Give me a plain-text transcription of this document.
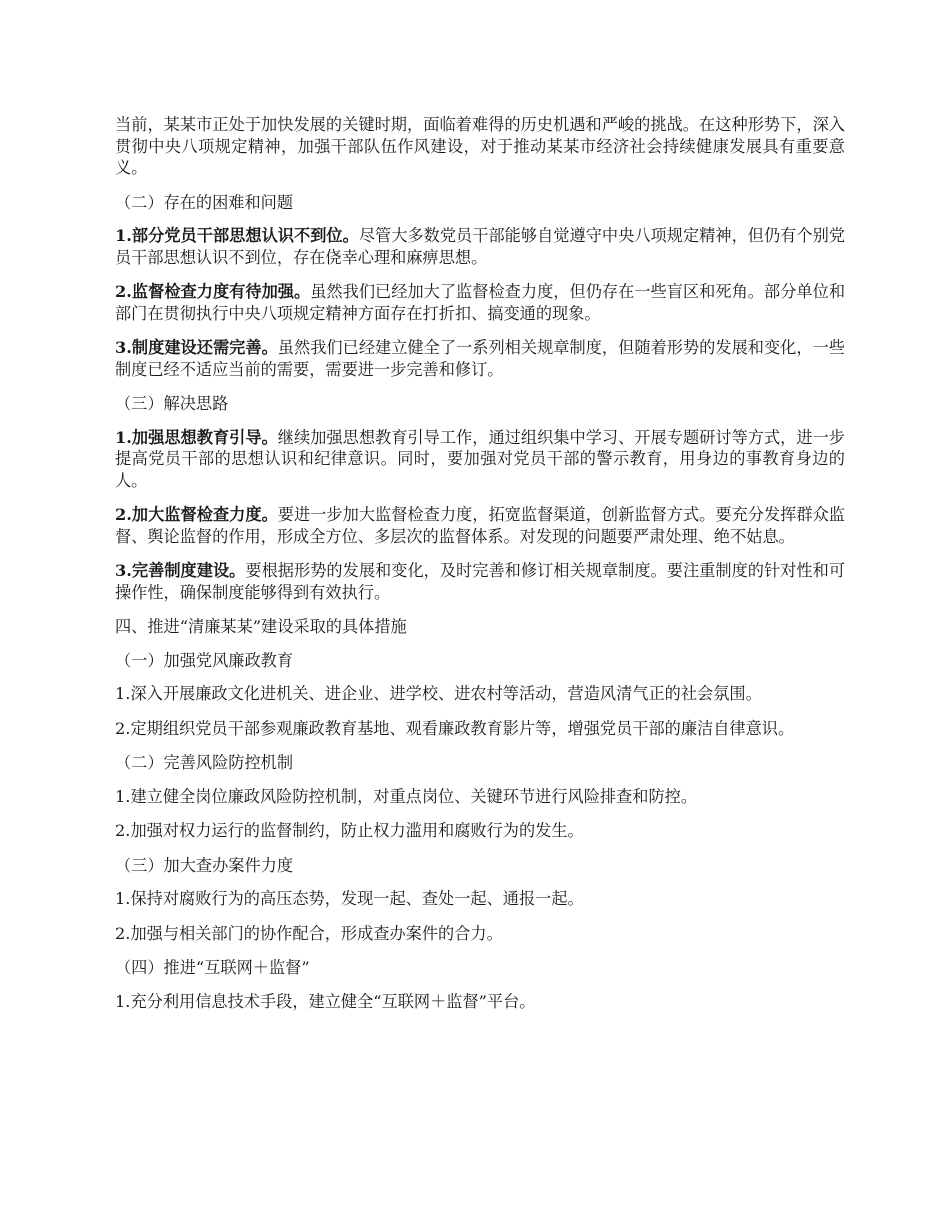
当前，某某市正处于加快发展的关键时期，面临着难得的历史机遇和严峻的挑战。在这种形势下，深入贯彻中央八项规定精神，加强干部队伍作风建设，对于推动某某市经济社会持续健康发展具有重要意义。

（二）存在的困难和问题

1.部分党员干部思想认识不到位。尽管大多数党员干部能够自觉遵守中央八项规定精神，但仍有个别党员干部思想认识不到位，存在侥幸心理和麻痹思想。

2.监督检查力度有待加强。虽然我们已经加大了监督检查力度，但仍存在一些盲区和死角。部分单位和部门在贯彻执行中央八项规定精神方面存在打折扣、搞变通的现象。

3.制度建设还需完善。虽然我们已经建立健全了一系列相关规章制度，但随着形势的发展和变化，一些制度已经不适应当前的需要，需要进一步完善和修订。

（三）解决思路

1.加强思想教育引导。继续加强思想教育引导工作，通过组织集中学习、开展专题研讨等方式，进一步提高党员干部的思想认识和纪律意识。同时，要加强对党员干部的警示教育，用身边的事教育身边的人。

2.加大监督检查力度。要进一步加大监督检查力度，拓宽监督渠道，创新监督方式。要充分发挥群众监督、舆论监督的作用，形成全方位、多层次的监督体系。对发现的问题要严肃处理、绝不姑息。

3.完善制度建设。要根据形势的发展和变化，及时完善和修订相关规章制度。要注重制度的针对性和可操作性，确保制度能够得到有效执行。

四、推进“清廉某某”建设采取的具体措施

（一）加强党风廉政教育

1.深入开展廉政文化进机关、进企业、进学校、进农村等活动，营造风清气正的社会氛围。

2.定期组织党员干部参观廉政教育基地、观看廉政教育影片等，增强党员干部的廉洁自律意识。

（二）完善风险防控机制

1.建立健全岗位廉政风险防控机制，对重点岗位、关键环节进行风险排查和防控。

2.加强对权力运行的监督制约，防止权力滥用和腐败行为的发生。

（三）加大查办案件力度

1.保持对腐败行为的高压态势，发现一起、查处一起、通报一起。

2.加强与相关部门的协作配合，形成查办案件的合力。

（四）推进“互联网＋监督”

1.充分利用信息技术手段，建立健全“互联网＋监督”平台。
